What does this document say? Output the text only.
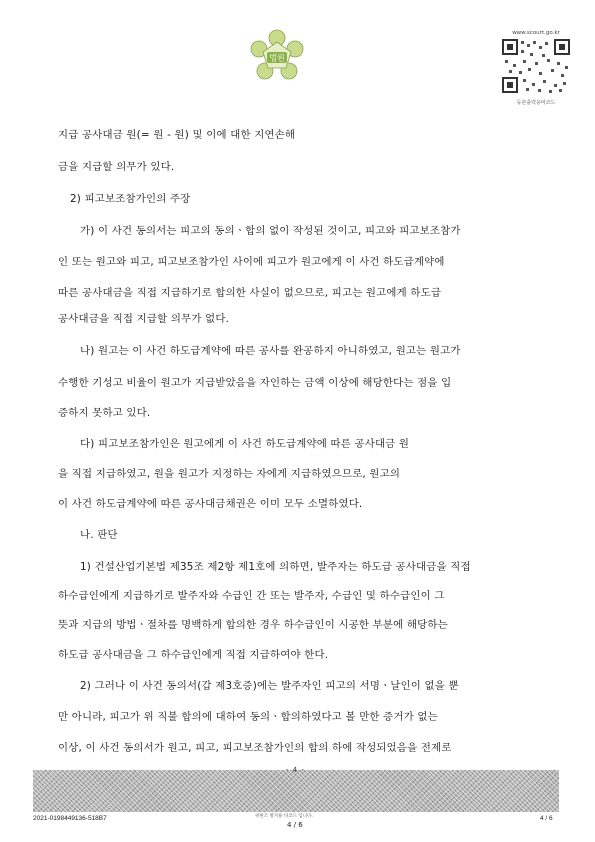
법원
www.scourt.go.kr
등본출력용바코드
지급 공사대금 원(= 원 - 원) 및 이에 대한 지연손해
금을 지급할 의무가 있다.
2) 피고보조참가인의 주장
가) 이 사건 동의서는 피고의 동의ㆍ합의 없이 작성된 것이고, 피고와 피고보조참가
인 또는 원고와 피고, 피고보조참가인 사이에 피고가 원고에게 이 사건 하도급계약에
따른 공사대금을 직접 지급하기로 합의한 사실이 없으므로, 피고는 원고에게 하도급
공사대금을 직접 지급할 의무가 없다.
나) 원고는 이 사건 하도급계약에 따른 공사를 완공하지 아니하였고, 원고는 원고가
수행한 기성고 비율이 원고가 지급받았음을 자인하는 금액 이상에 해당한다는 점을 입
증하지 못하고 있다.
다) 피고보조참가인은 원고에게 이 사건 하도급계약에 따른 공사대금 원
을 직접 지급하였고, 원을 원고가 지정하는 자에게 지급하였으므로, 원고의
이 사건 하도급계약에 따른 공사대금채권은 이미 모두 소멸하였다.
나. 판단
1) 건설산업기본법 제35조 제2항 제1호에 의하면, 발주자는 하도급 공사대금을 직접
하수급인에게 지급하기로 발주자와 수급인 간 또는 발주자, 수급인 및 하수급인이 그
뜻과 지급의 방법ㆍ절차를 명백하게 합의한 경우 하수급인이 시공한 부분에 해당하는
하도급 공사대금을 그 하수급인에게 직접 지급하여야 한다.
2) 그러나 이 사건 동의서(갑 제3호증)에는 발주자인 피고의 서명ㆍ날인이 없을 뿐
만 아니라, 피고가 위 직불 합의에 대하여 동의ㆍ합의하였다고 볼 만한 증거가 없는
이상, 이 사건 동의서가 원고, 피고, 피고보조참가인의 합의 하에 작성되었음을 전제로
- 4 -
2021-0198449136-518B7	위변조 방지용 바코드 입니다.
4 / 6
4 / 6
